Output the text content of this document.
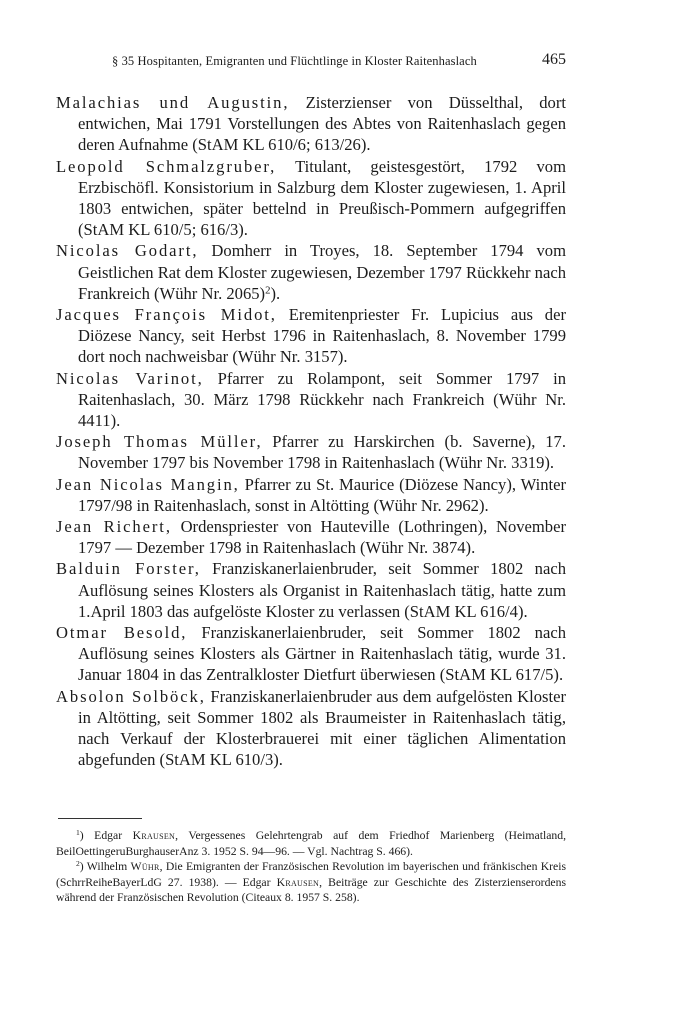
§ 35 Hospitanten, Emigranten und Flüchtlinge in Kloster Raitenhaslach	465

Malachias und Augustin, Zisterzienser von Düsselthal, dort entwichen, Mai 1791 Vorstellungen des Abtes von Raitenhaslach gegen deren Aufnahme (StAM KL 610/6; 613/26).

Leopold Schmalzgruber, Titulant, geistesgestört, 1792 vom Erzbischöfl. Konsistorium in Salzburg dem Kloster zugewiesen, 1. April 1803 entwichen, später bettelnd in Preußisch-Pommern aufgegriffen (StAM KL 610/5; 616/3).

Nicolas Godart, Domherr in Troyes, 18. September 1794 vom Geistlichen Rat dem Kloster zugewiesen, Dezember 1797 Rückkehr nach Frankreich (Wühr Nr. 2065)$^2$).

Jacques François Midot, Eremitenpriester Fr. Lupicius aus der Diözese Nancy, seit Herbst 1796 in Raitenhaslach, 8. November 1799 dort noch nachweisbar (Wühr Nr. 3157).

Nicolas Varinot, Pfarrer zu Rolampont, seit Sommer 1797 in Raitenhaslach, 30. März 1798 Rückkehr nach Frankreich (Wühr Nr. 4411).

Joseph Thomas Müller, Pfarrer zu Harskirchen (b. Saverne), 17. November 1797 bis November 1798 in Raitenhaslach (Wühr Nr. 3319).

Jean Nicolas Mangin, Pfarrer zu St. Maurice (Diözese Nancy), Winter 1797/98 in Raitenhaslach, sonst in Altötting (Wühr Nr. 2962).

Jean Richert, Ordenspriester von Hauteville (Lothringen), November 1797 — Dezember 1798 in Raitenhaslach (Wühr Nr. 3874).

Balduin Forster, Franziskanerlaienbruder, seit Sommer 1802 nach Auflösung seines Klosters als Organist in Raitenhaslach tätig, hatte zum 1.April 1803 das aufgelöste Kloster zu verlassen (StAM KL 616/4).

Otmar Besold, Franziskanerlaienbruder, seit Sommer 1802 nach Auflösung seines Klosters als Gärtner in Raitenhaslach tätig, wurde 31. Januar 1804 in das Zentralkloster Dietfurt überwiesen (StAM KL 617/5).

Absolon Solböck, Franziskanerlaienbruder aus dem aufgelösten Kloster in Altötting, seit Sommer 1802 als Braumeister in Raitenhaslach tätig, nach Verkauf der Klosterbrauerei mit einer täglichen Alimentation abgefunden (StAM KL 610/3).

$^1$) Edgar Krausen, Vergessenes Gelehrtengrab auf dem Friedhof Marienberg (Heimatland, BeilOettingeruBurghauserAnz 3. 1952 S. 94—96. — Vgl. Nachtrag S. 466).

$^2$) Wilhelm Wühr, Die Emigranten der Französischen Revolution im bayerischen und fränkischen Kreis (SchrrReiheBayerLdG 27. 1938). — Edgar Krausen, Beiträge zur Geschichte des Zisterzienserordens während der Französischen Revolution (Citeaux 8. 1957 S. 258).
